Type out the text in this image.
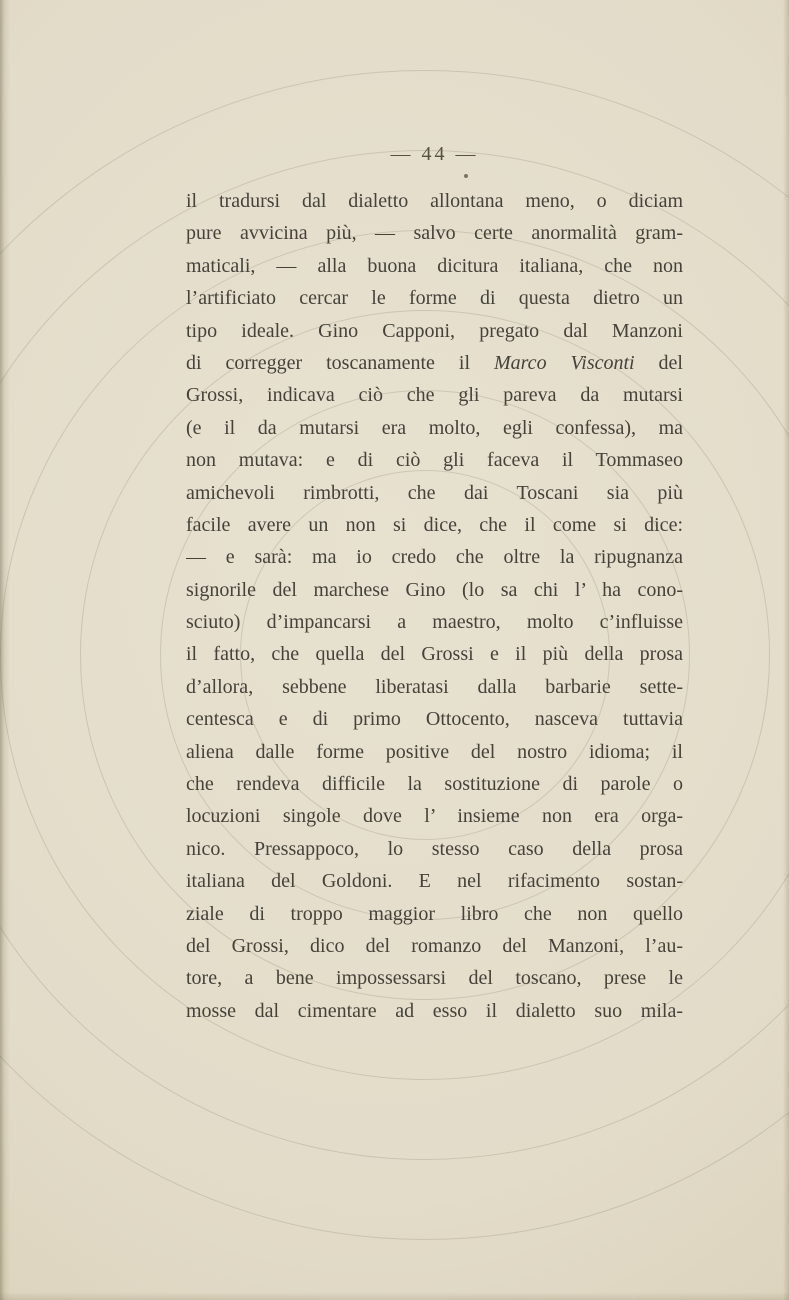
— 44 —
il tradursi dal dialetto allontana meno, o diciam
pure avvicina più, — salvo certe anormalità gram-
maticali, — alla buona dicitura italiana, che non
l’artificiato cercar le forme di questa dietro un
tipo ideale. Gino Capponi, pregato dal Manzoni
di corregger toscanamente il Marco Visconti del
Grossi, indicava ciò che gli pareva da mutarsi
(e il da mutarsi era molto, egli confessa), ma
non mutava: e di ciò gli faceva il Tommaseo
amichevoli rimbrotti, che dai Toscani sia più
facile avere un non si dice, che il come si dice:
— e sarà: ma io credo che oltre la ripugnanza
signorile del marchese Gino (lo sa chi l’ ha cono-
sciuto) d’impancarsi a maestro, molto c’influisse
il fatto, che quella del Grossi e il più della prosa
d’allora, sebbene liberatasi dalla barbarie sette-
centesca e di primo Ottocento, nasceva tuttavia
aliena dalle forme positive del nostro idioma; il
che rendeva difficile la sostituzione di parole o
locuzioni singole dove l’ insieme non era orga-
nico. Pressappoco, lo stesso caso della prosa
italiana del Goldoni. E nel rifacimento sostan-
ziale di troppo maggior libro che non quello
del Grossi, dico del romanzo del Manzoni, l’au-
tore, a bene impossessarsi del toscano, prese le
mosse dal cimentare ad esso il dialetto suo mila-
